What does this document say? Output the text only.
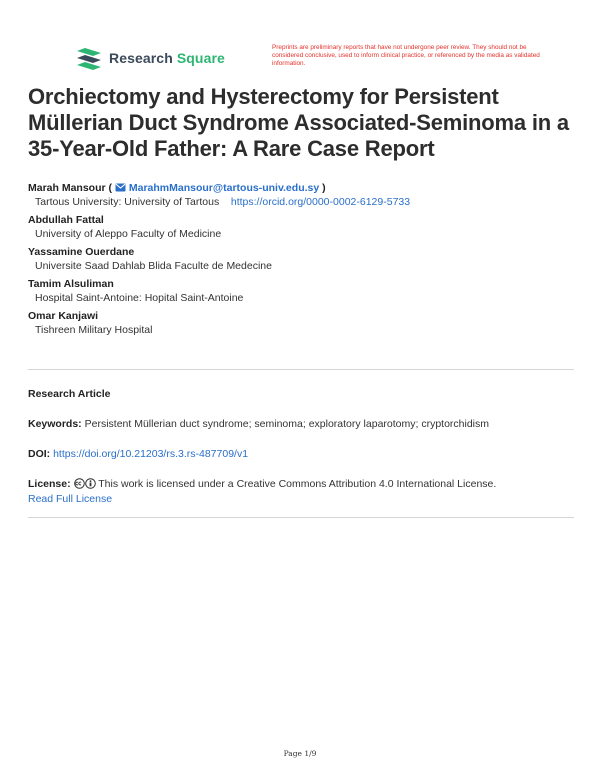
Research Square
Preprints are preliminary reports that have not undergone peer review. They should not be considered conclusive, used to inform clinical practice, or referenced by the media as validated information.
Orchiectomy and Hysterectomy for Persistent Müllerian Duct Syndrome Associated-Seminoma in a 35-Year-Old Father: A Rare Case Report
Marah Mansour ( MarahmMansour@tartous-univ.edu.sy )
Tartous University: University of Tartous https://orcid.org/0000-0002-6129-5733
Abdullah Fattal
University of Aleppo Faculty of Medicine
Yassamine Ouerdane
Universite Saad Dahlab Blida Faculte de Medecine
Tamim Alsuliman
Hospital Saint-Antoine: Hopital Saint-Antoine
Omar Kanjawi
Tishreen Military Hospital
Research Article
Keywords: Persistent Müllerian duct syndrome; seminoma; exploratory laparotomy; cryptorchidism
DOI: https://doi.org/10.21203/rs.3.rs-487709/v1
License:  This work is licensed under a Creative Commons Attribution 4.0 International License.
Read Full License
Page 1/9
